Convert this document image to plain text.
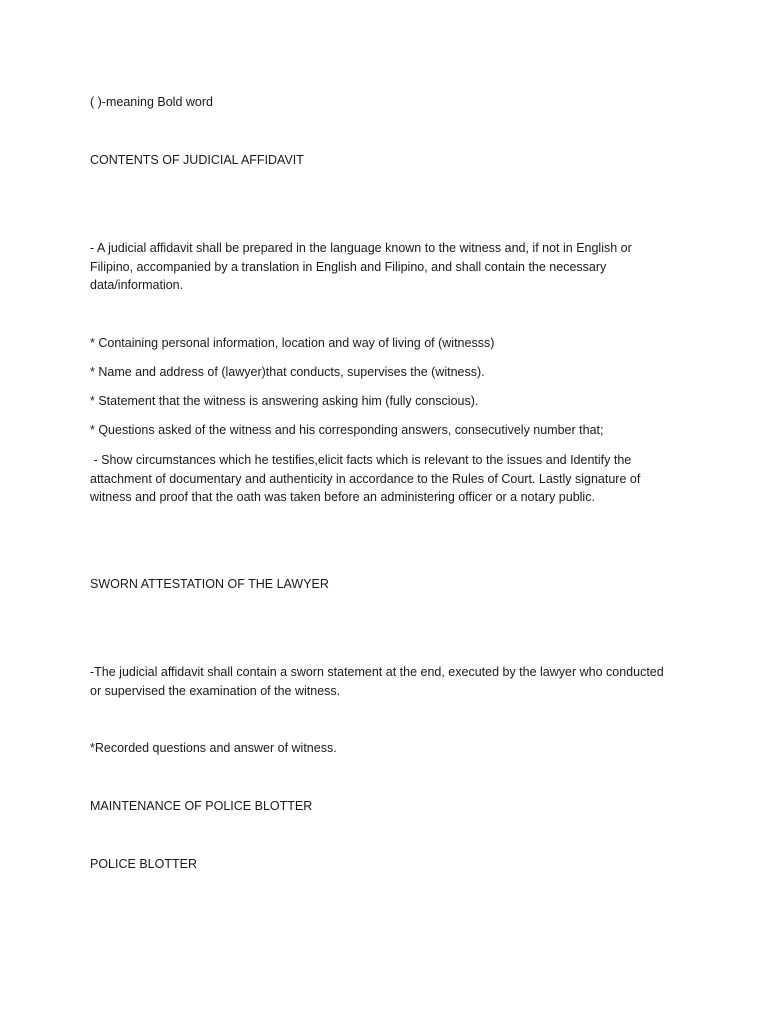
( )-meaning Bold word
CONTENTS OF JUDICIAL AFFIDAVIT
- A judicial affidavit shall be prepared in the language known to the witness and, if not in English or
Filipino, accompanied by a translation in English and Filipino, and shall contain the necessary
data/information.
* Containing personal information, location and way of living of (witnesss)
* Name and address of (lawyer)that conducts, supervises the (witness).
* Statement that the witness is answering asking him (fully conscious).
* Questions asked of the witness and his corresponding answers, consecutively number that;
- Show circumstances which he testifies,elicit facts which is relevant to the issues and Identify the
attachment of documentary and authenticity in accordance to the Rules of Court. Lastly signature of
witness and proof that the oath was taken before an administering officer or a notary public.
SWORN ATTESTATION OF THE LAWYER
-The judicial affidavit shall contain a sworn statement at the end, executed by the lawyer who conducted
or supervised the examination of the witness.
*Recorded questions and answer of witness.
MAINTENANCE OF POLICE BLOTTER
POLICE BLOTTER
